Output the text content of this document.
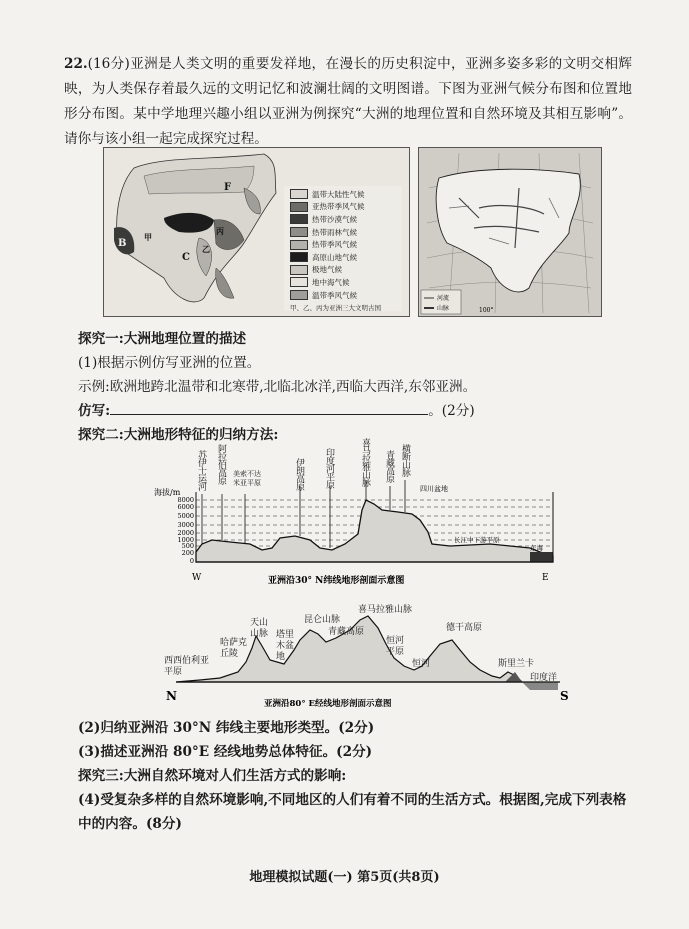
22.(16分)亚洲是人类文明的重要发祥地，在漫长的历史积淀中，亚洲多姿多彩的文明交相辉映，为人类保存着最久远的文明记忆和波澜壮阔的文明图谱。下图为亚洲气候分布图和位置地形分布图。某中学地理兴趣小组以亚洲为例探究“大洲的地理位置和自然环境及其相互影响”。请你与该小组一起完成探究过程。
F
B
C
甲
丙
乙
温带大陆性气候
亚热带季风气候
热带沙漠气候
热带雨林气候
热带季风气候
高原山地气候
极地气候
地中海气候
温带季风气候
甲、乙、丙为亚洲三大文明古国
河流
山脉	100°
探究一:大洲地理位置的描述
(1)根据示例仿写亚洲的位置。
示例:欧洲地跨北温带和北寒带,北临北冰洋,西临大西洋,东邻亚洲。
仿写:	。(2分)
探究二:大洲地形特征的归纳方法:
海拔/m
8000
6000
5000
3000
2000
1000
500
200
0
W	E
东海
长江中下游平原
四川盆地
亚洲沿30° N纬线地形剖面示意图
苏伊士运河 阿拉伯高原	美索不达米亚平原	伊朗高原 印度河平原	喜马拉雅山脉 青藏高原 横断山脉
N	S
亚洲沿80° E经线地形剖面示意图
西西伯利亚平原
哈萨克丘陵
天山山脉 塔里木盆地
昆仑山脉
青藏高原
喜马拉雅山脉
恒河平原
恒河
德干高原
斯里兰卡
印度洋
(2)归纳亚洲沿 30°N 纬线主要地形类型。(2分)
(3)描述亚洲沿 80°E 经线地势总体特征。(2分)
探究三:大洲自然环境对人们生活方式的影响:
(4)受复杂多样的自然环境影响,不同地区的人们有着不同的生活方式。根据图,完成下列表格中的内容。(8分)
地理模拟试题(一) 第5页(共8页)
